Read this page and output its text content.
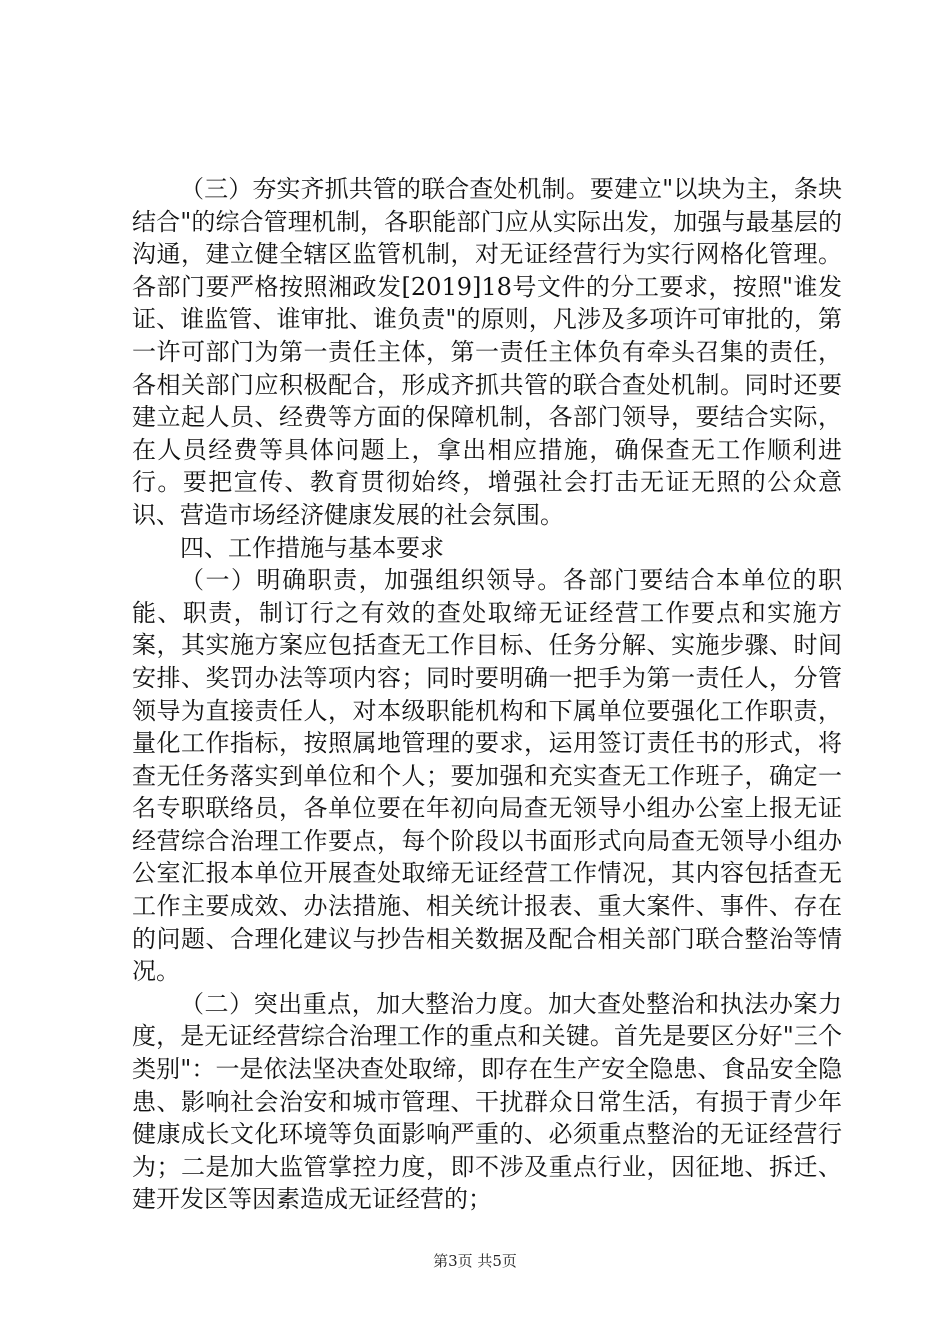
（三）夯实齐抓共管的联合查处机制。要建立"以块为主，条块结合"的综合管理机制，各职能部门应从实际出发，加强与最基层的沟通，建立健全辖区监管机制，对无证经营行为实行网格化管理。各部门要严格按照湘政发[2019]18号文件的分工要求，按照"谁发证、谁监管、谁审批、谁负责"的原则，凡涉及多项许可审批的，第一许可部门为第一责任主体，第一责任主体负有牵头召集的责任，各相关部门应积极配合，形成齐抓共管的联合查处机制。同时还要建立起人员、经费等方面的保障机制，各部门领导，要结合实际，在人员经费等具体问题上，拿出相应措施，确保查无工作顺利进行。要把宣传、教育贯彻始终，增强社会打击无证无照的公众意识、营造市场经济健康发展的社会氛围。

四、工作措施与基本要求

（一）明确职责，加强组织领导。各部门要结合本单位的职能、职责，制订行之有效的查处取缔无证经营工作要点和实施方案，其实施方案应包括查无工作目标、任务分解、实施步骤、时间安排、奖罚办法等项内容；同时要明确一把手为第一责任人，分管领导为直接责任人，对本级职能机构和下属单位要强化工作职责，量化工作指标，按照属地管理的要求，运用签订责任书的形式，将查无任务落实到单位和个人；要加强和充实查无工作班子，确定一名专职联络员，各单位要在年初向局查无领导小组办公室上报无证经营综合治理工作要点，每个阶段以书面形式向局查无领导小组办公室汇报本单位开展查处取缔无证经营工作情况，其内容包括查无工作主要成效、办法措施、相关统计报表、重大案件、事件、存在的问题、合理化建议与抄告相关数据及配合相关部门联合整治等情况。

（二）突出重点，加大整治力度。加大查处整治和执法办案力度，是无证经营综合治理工作的重点和关键。首先是要区分好"三个类别"：一是依法坚决查处取缔，即存在生产安全隐患、食品安全隐患、影响社会治安和城市管理、干扰群众日常生活，有损于青少年健康成长文化环境等负面影响严重的、必须重点整治的无证经营行为；二是加大监管掌控力度，即不涉及重点行业，因征地、拆迁、建开发区等因素造成无证经营的；

第3页 共5页
